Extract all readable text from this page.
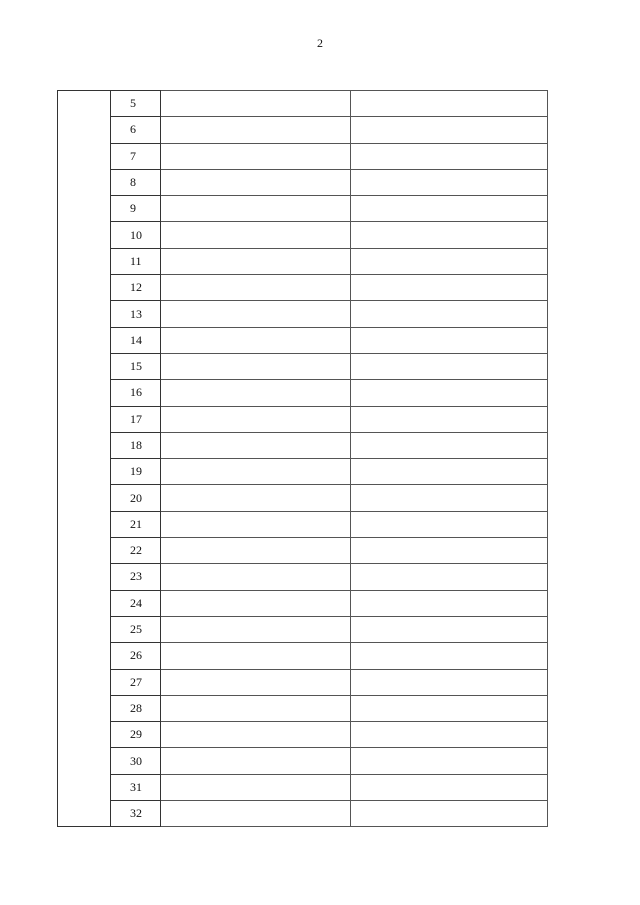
2
	5		
	6		
	7		
	8		
	9		
	10		
	11		
	12		
	13		
	14		
	15		
	16		
	17		
	18		
	19		
	20		
	21		
	22		
	23		
	24		
	25		
	26		
	27		
	28		
	29		
	30		
	31		
	32		
